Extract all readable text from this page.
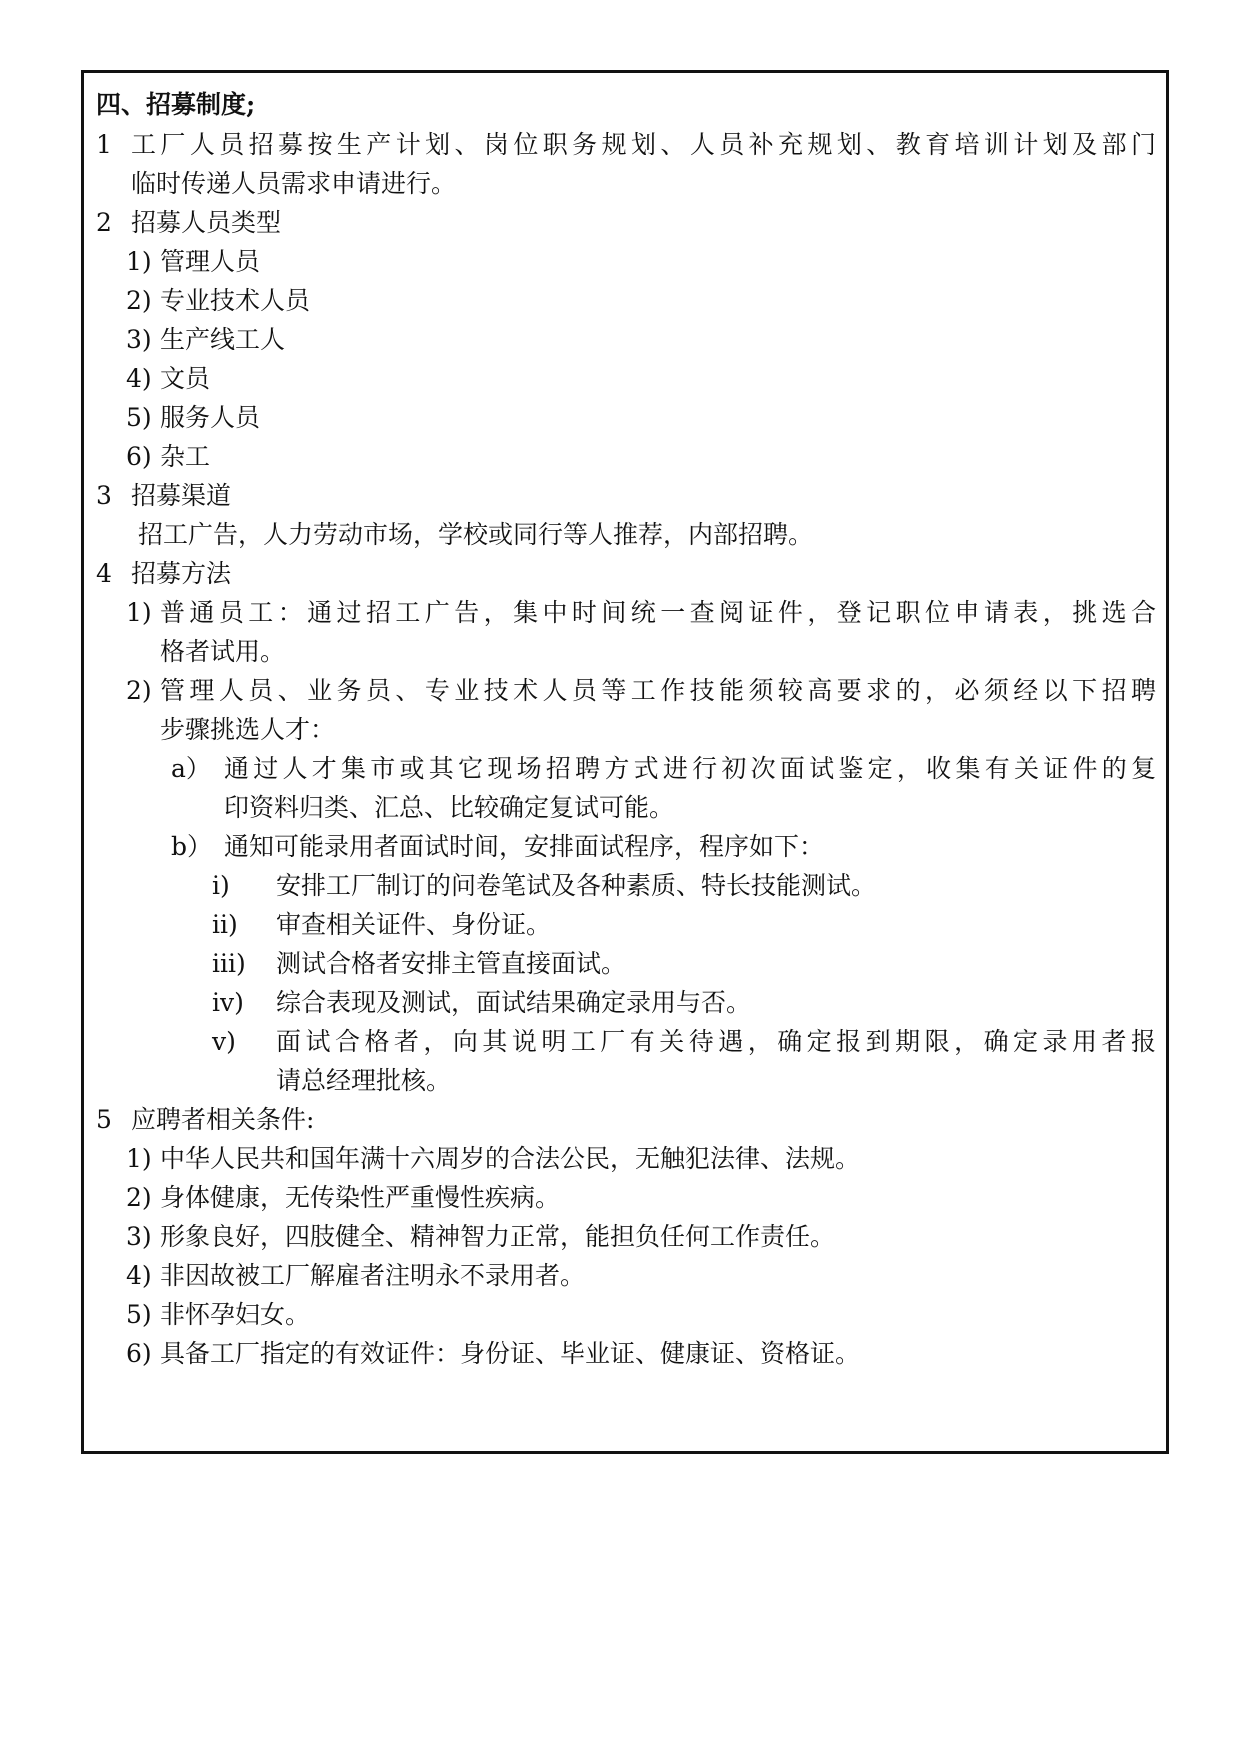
四、招募制度;
1 工厂人员招募按生产计划、岗位职务规划、人员补充规划、教育培训计划及部门
临时传递人员需求申请进行。
2 招募人员类型
1) 管理人员
2) 专业技术人员
3) 生产线工人
4) 文员
5) 服务人员
6) 杂工
3 招募渠道
招工广告，人力劳动市场，学校或同行等人推荐，内部招聘。
4 招募方法
1) 普通员工：通过招工广告，集中时间统一查阅证件，登记职位申请表，挑选合
格者试用。
2) 管理人员、业务员、专业技术人员等工作技能须较高要求的，必须经以下招聘
步骤挑选人才：
a） 通过人才集市或其它现场招聘方式进行初次面试鉴定，收集有关证件的复
印资料归类、汇总、比较确定复试可能。
b） 通知可能录用者面试时间，安排面试程序，程序如下：
i) 安排工厂制订的问卷笔试及各种素质、特长技能测试。
ii) 审查相关证件、身份证。
iii) 测试合格者安排主管直接面试。
iv) 综合表现及测试，面试结果确定录用与否。
v) 面试合格者，向其说明工厂有关待遇，确定报到期限，确定录用者报
请总经理批核。
5 应聘者相关条件:
1) 中华人民共和国年满十六周岁的合法公民，无触犯法律、法规。
2) 身体健康，无传染性严重慢性疾病。
3) 形象良好，四肢健全、精神智力正常，能担负任何工作责任。
4) 非因故被工厂解雇者注明永不录用者。
5) 非怀孕妇女。
6) 具备工厂指定的有效证件：身份证、毕业证、健康证、资格证。
